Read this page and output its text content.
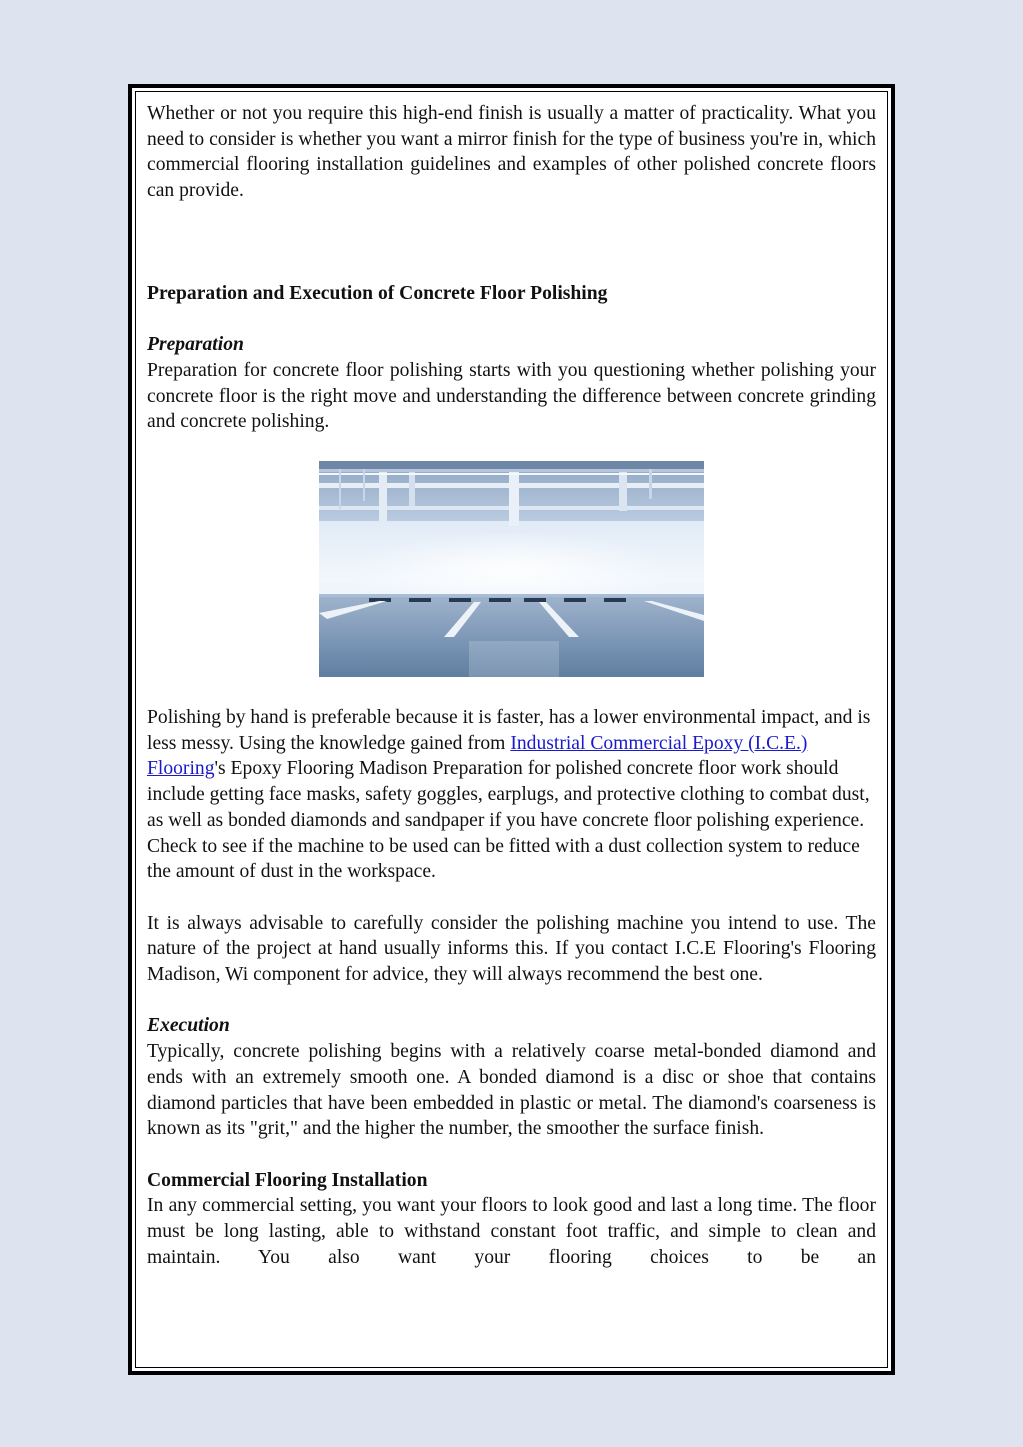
Whether or not you require this high-end finish is usually a matter of practicality. What you need to consider is whether you want a mirror finish for the type of business you're in, which commercial flooring installation guidelines and examples of other polished concrete floors can provide.

Preparation and Execution of Concrete Floor Polishing

Preparation

Preparation for concrete floor polishing starts with you questioning whether polishing your concrete floor is the right move and understanding the difference between concrete grinding and concrete polishing.

Polishing by hand is preferable because it is faster, has a lower environmental impact, and is less messy. Using the knowledge gained from Industrial Commercial Epoxy (I.C.E.) Flooring's Epoxy Flooring Madison Preparation for polished concrete floor work should include getting face masks, safety goggles, earplugs, and protective clothing to combat dust, as well as bonded diamonds and sandpaper if you have concrete floor polishing experience. Check to see if the machine to be used can be fitted with a dust collection system to reduce the amount of dust in the workspace.

It is always advisable to carefully consider the polishing machine you intend to use. The nature of the project at hand usually informs this. If you contact I.C.E Flooring's Flooring Madison, Wi component for advice, they will always recommend the best one.

Execution

Typically, concrete polishing begins with a relatively coarse metal-bonded diamond and ends with an extremely smooth one. A bonded diamond is a disc or shoe that contains diamond particles that have been embedded in plastic or metal. The diamond's coarseness is known as its "grit," and the higher the number, the smoother the surface finish.

Commercial Flooring Installation

In any commercial setting, you want your floors to look good and last a long time. The floor must be long lasting, able to withstand constant foot traffic, and simple to clean and maintain. You also want your flooring choices to be an
